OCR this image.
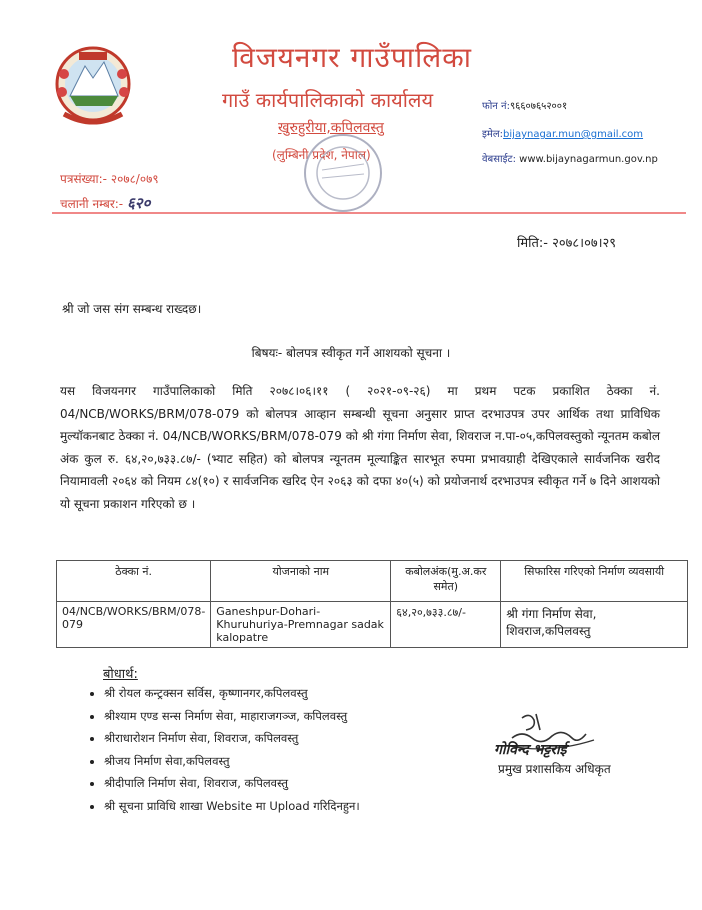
विजयनगर गाउँपालिका
गाउँ कार्यपालिकाको कार्यालय
खुरुहुरीया,कपिलवस्तु
(लुम्बिनी प्रदेश, नेपाल)
फोन नं:९६६०७६५२००१
इमेल:bijaynagar.mun@gmail.com
वेबसाईट: www.bijaynagarmun.gov.np
पत्रसंख्या:- २०७८/०७९
चलानी नम्बर:- ६२०
मिति:- २०७८।०७।२९
श्री जो जस संग सम्बन्ध राख्दछ।
बिषयः- बोलपत्र स्वीकृत गर्ने आशयको सूचना ।
यस विजयनगर गाउँपालिकाको मिति २०७८।०६।११ ( २०२१-०९-२६) मा प्रथम पटक प्रकाशित ठेक्का नं. 04/NCB/WORKS/BRM/078-079 को बोलपत्र आव्हान सम्बन्धी सूचना अनुसार प्राप्त दरभाउपत्र उपर आर्थिक तथा प्राविधिक मुल्यॉकनबाट ठेक्का नं. 04/NCB/WORKS/BRM/078-079 को श्री गंगा निर्माण सेवा, शिवराज न.पा-०५,कपिलवस्तुको न्यूनतम कबोल अंक कुल रु. ६४,२०,७३३.८७/- (भ्याट सहित) को बोलपत्र न्यूनतम मूल्याङ्कित सारभूत रुपमा प्रभावग्राही देखिएकाले सार्वजनिक खरीद नियामावली २०६४ को नियम ८४(१०) र सार्वजनिक खरिद ऐन २०६३ को दफा ४०(५) को प्रयोजनार्थ दरभाउपत्र स्वीकृत गर्ने ७ दिने आशयको यो सूचना प्रकाशन गरिएको छ ।
ठेक्का नं.	योजनाको नाम	कबोलअंक(मु.अ.कर समेत)	सिफारिस गरिएको निर्माण व्यवसायी
04/NCB/WORKS/BRM/078-079	Ganeshpur-Dohari- Khuruhuriya-Premnagar sadak kalopatre	६४,२०,७३३.८७/-	श्री गंगा निर्माण सेवा, शिवराज,कपिलवस्तु
बोधार्थ:
• श्री रोयल कन्ट्रक्सन सर्विस, कृष्णानगर,कपिलवस्तु
• श्रीश्याम एण्ड सन्स निर्माण सेवा, माहाराजगञ्ज, कपिलवस्तु
• श्रीराधारोशन निर्माण सेवा, शिवराज, कपिलवस्तु
• श्रीजय निर्माण सेवा,कपिलवस्तु
• श्रीदीपालि निर्माण सेवा, शिवराज, कपिलवस्तु
• श्री सूचना प्राविधि शाखा Website मा Upload गरिदिनहुन।
गोविन्द भट्टराई
प्रमुख प्रशासकिय अधिकृत
